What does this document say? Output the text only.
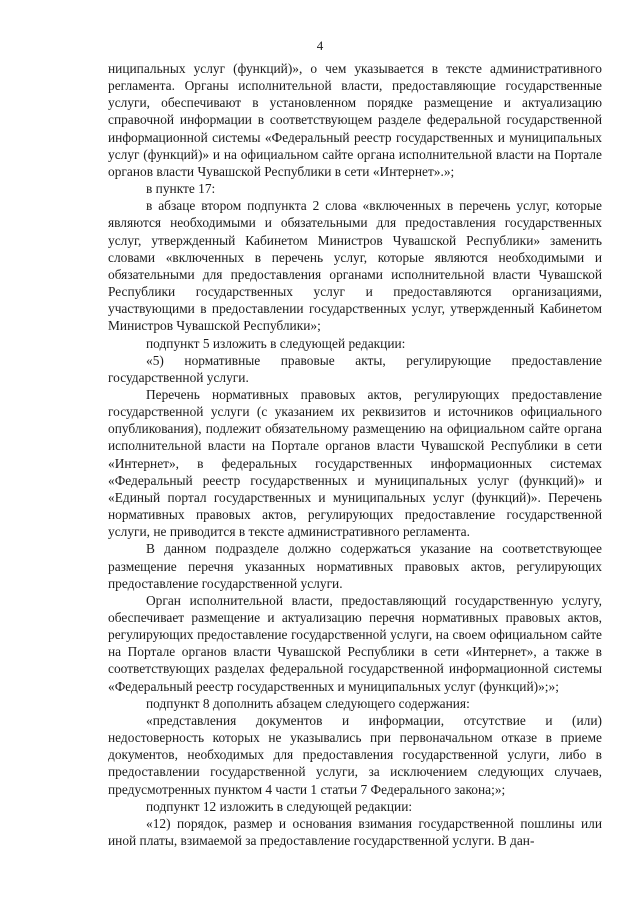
4

ниципальных услуг (функций)», о чем указывается в тексте административного регламента. Органы исполнительной власти, предоставляющие государственные услуги, обеспечивают в установленном порядке размещение и актуализацию справочной информации в соответствующем разделе федеральной государственной информационной системы «Федеральный реестр государственных и муниципальных услуг (функций)» и на официальном сайте органа исполнительной власти на Портале органов власти Чувашской Республики в сети «Интернет».»;

в пункте 17:

в абзаце втором подпункта 2 слова «включенных в перечень услуг, которые являются необходимыми и обязательными для предоставления государственных услуг, утвержденный Кабинетом Министров Чувашской Республики» заменить словами «включенных в перечень услуг, которые являются необходимыми и обязательными для предоставления органами исполнительной власти Чувашской Республики государственных услуг и предоставляются организациями, участвующими в предоставлении государственных услуг, утвержденный Кабинетом Министров Чувашской Республики»;

подпункт 5 изложить в следующей редакции:

«5) нормативные правовые акты, регулирующие предоставление государственной услуги.

Перечень нормативных правовых актов, регулирующих предоставление государственной услуги (с указанием их реквизитов и источников официального опубликования), подлежит обязательному размещению на официальном сайте органа исполнительной власти на Портале органов власти Чувашской Республики в сети «Интернет», в федеральных государственных информационных системах «Федеральный реестр государственных и муниципальных услуг (функций)» и «Единый портал государственных и муниципальных услуг (функций)». Перечень нормативных правовых актов, регулирующих предоставление государственной услуги, не приводится в тексте административного регламента.

В данном подразделе должно содержаться указание на соответствующее размещение перечня указанных нормативных правовых актов, регулирующих предоставление государственной услуги.

Орган исполнительной власти, предоставляющий государственную услугу, обеспечивает размещение и актуализацию перечня нормативных правовых актов, регулирующих предоставление государственной услуги, на своем официальном сайте на Портале органов власти Чувашской Республики в сети «Интернет», а также в соответствующих разделах федеральной государственной информационной системы «Федеральный реестр государственных и муниципальных услуг (функций)»;»;

подпункт 8 дополнить абзацем следующего содержания:

«представления документов и информации, отсутствие и (или) недостоверность которых не указывались при первоначальном отказе в приеме документов, необходимых для предоставления государственной услуги, либо в предоставлении государственной услуги, за исключением следующих случаев, предусмотренных пунктом 4 части 1 статьи 7 Федерального закона;»;

подпункт 12 изложить в следующей редакции:

«12) порядок, размер и основания взимания государственной пошлины или иной платы, взимаемой за предоставление государственной услуги. В дан-
